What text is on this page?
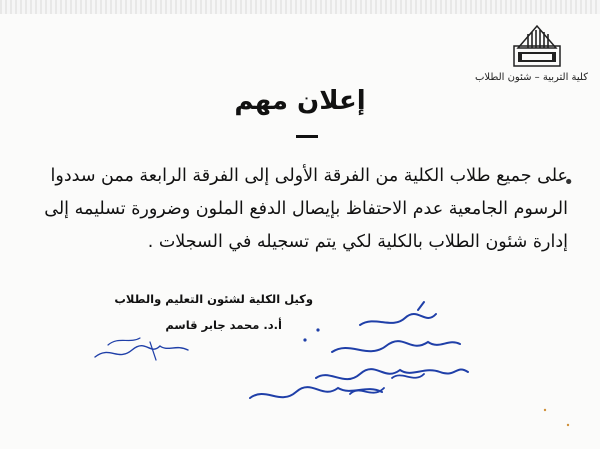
كلية التربية – شئون الطلاب
إعلان مهم
•

على جميع طلاب الكلية من الفرقة الأولى إلى الفرقة الرابعة ممن سددوا

الرسوم الجامعية عدم الاحتفاظ بإيصال الدفع الملون وضرورة تسليمه إلى

إدارة شئون الطلاب بالكلية لكي يتم تسجيله في السجلات .

وكيل الكلية لشئون التعليم والطلاب
أ.د. محمد جابر قاسم
